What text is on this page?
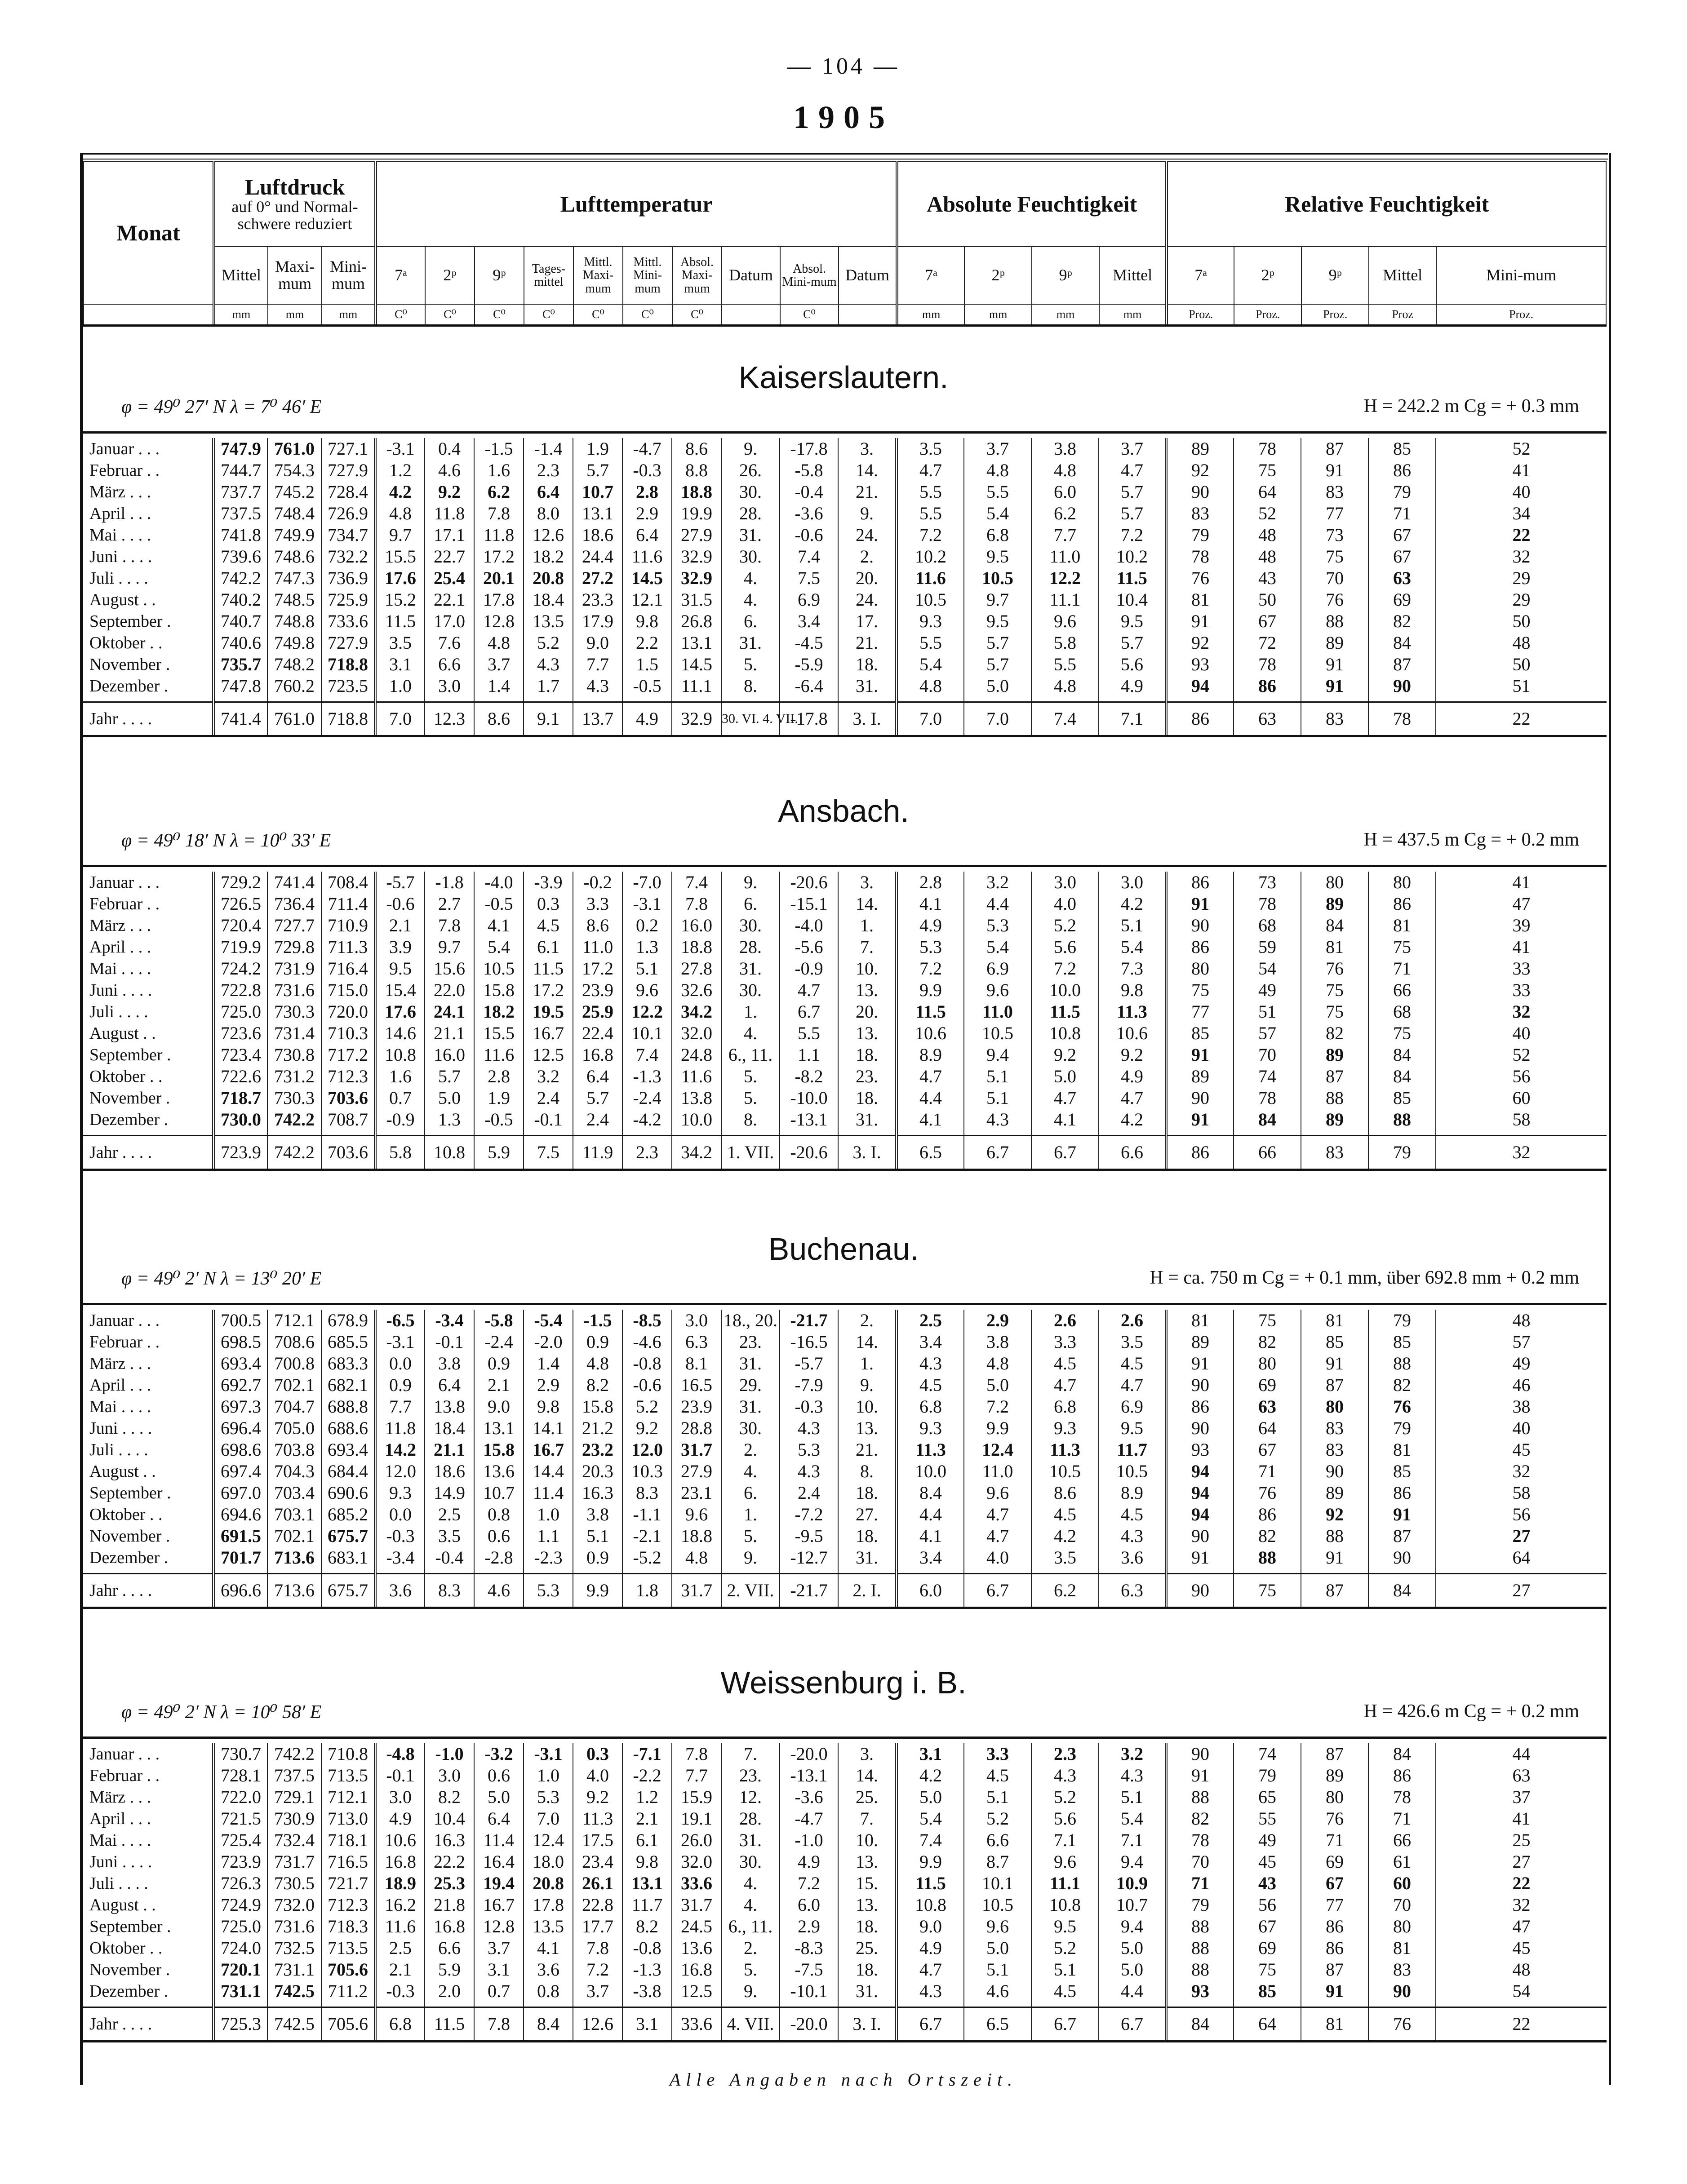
— 104 —
1905
Monat	Luftdruck
auf 0° und Normal-schwere reduziert			Lufttemperatur										Absolute Feuchtigkeit				Relative Feuchtigkeit				
	Mittel	Maxi-mum	Mini-mum	7ᵃ	2ᵖ	9ᵖ	Tages-mittel	Mittl. Maxi-mum	Mittl. Mini-mum	Absol. Maxi-mum	Datum	Absol. Mini-mum	Datum	7ᵃ	2ᵖ	9ᵖ	Mittel	7ᵃ	2ᵖ	9ᵖ	Mittel	Mini-mum
	mm	mm	mm	C⁰	C⁰	C⁰	C⁰	C⁰	C⁰	C⁰		C⁰		mm	mm	mm	mm	Proz.	Proz.	Proz.	Proz	Proz.
Kaiserslautern.
φ = 49⁰ 27′ N λ = 7⁰ 46′ E	H = 242.2 m Cg = + 0.3 mm
Januar . . .	747.9	761.0	727.1	-3.1	0.4	-1.5	-1.4	1.9	-4.7	8.6	9.	-17.8	3.	3.5	3.7	3.8	3.7	89	78	87	85	52
Februar . .	744.7	754.3	727.9	1.2	4.6	1.6	2.3	5.7	-0.3	8.8	26.	-5.8	14.	4.7	4.8	4.8	4.7	92	75	91	86	41
März . . .	737.7	745.2	728.4	4.2	9.2	6.2	6.4	10.7	2.8	18.8	30.	-0.4	21.	5.5	5.5	6.0	5.7	90	64	83	79	40
April . . .	737.5	748.4	726.9	4.8	11.8	7.8	8.0	13.1	2.9	19.9	28.	-3.6	9.	5.5	5.4	6.2	5.7	83	52	77	71	34
Mai . . . .	741.8	749.9	734.7	9.7	17.1	11.8	12.6	18.6	6.4	27.9	31.	-0.6	24.	7.2	6.8	7.7	7.2	79	48	73	67	22
Juni . . . .	739.6	748.6	732.2	15.5	22.7	17.2	18.2	24.4	11.6	32.9	30.	7.4	2.	10.2	9.5	11.0	10.2	78	48	75	67	32
Juli . . . .	742.2	747.3	736.9	17.6	25.4	20.1	20.8	27.2	14.5	32.9	4.	7.5	20.	11.6	10.5	12.2	11.5	76	43	70	63	29
August . .	740.2	748.5	725.9	15.2	22.1	17.8	18.4	23.3	12.1	31.5	4.	6.9	24.	10.5	9.7	11.1	10.4	81	50	76	69	29
September .	740.7	748.8	733.6	11.5	17.0	12.8	13.5	17.9	9.8	26.8	6.	3.4	17.	9.3	9.5	9.6	9.5	91	67	88	82	50
Oktober . .	740.6	749.8	727.9	3.5	7.6	4.8	5.2	9.0	2.2	13.1	31.	-4.5	21.	5.5	5.7	5.8	5.7	92	72	89	84	48
November .	735.7	748.2	718.8	3.1	6.6	3.7	4.3	7.7	1.5	14.5	5.	-5.9	18.	5.4	5.7	5.5	5.6	93	78	91	87	50
Dezember .	747.8	760.2	723.5	1.0	3.0	1.4	1.7	4.3	-0.5	11.1	8.	-6.4	31.	4.8	5.0	4.8	4.9	94	86	91	90	51
Jahr . . . .	741.4	761.0	718.8	7.0	12.3	8.6	9.1	13.7	4.9	32.9	30. VI. 4. VII.	-17.8	3. I.	7.0	7.0	7.4	7.1	86	63	83	78	22
Ansbach.
φ = 49⁰ 18′ N λ = 10⁰ 33′ E	H = 437.5 m Cg = + 0.2 mm
Januar . . .	729.2	741.4	708.4	-5.7	-1.8	-4.0	-3.9	-0.2	-7.0	7.4	9.	-20.6	3.	2.8	3.2	3.0	3.0	86	73	80	80	41
Februar . .	726.5	736.4	711.4	-0.6	2.7	-0.5	0.3	3.3	-3.1	7.8	6.	-15.1	14.	4.1	4.4	4.0	4.2	91	78	89	86	47
März . . .	720.4	727.7	710.9	2.1	7.8	4.1	4.5	8.6	0.2	16.0	30.	-4.0	1.	4.9	5.3	5.2	5.1	90	68	84	81	39
April . . .	719.9	729.8	711.3	3.9	9.7	5.4	6.1	11.0	1.3	18.8	28.	-5.6	7.	5.3	5.4	5.6	5.4	86	59	81	75	41
Mai . . . .	724.2	731.9	716.4	9.5	15.6	10.5	11.5	17.2	5.1	27.8	31.	-0.9	10.	7.2	6.9	7.2	7.3	80	54	76	71	33
Juni . . . .	722.8	731.6	715.0	15.4	22.0	15.8	17.2	23.9	9.6	32.6	30.	4.7	13.	9.9	9.6	10.0	9.8	75	49	75	66	33
Juli . . . .	725.0	730.3	720.0	17.6	24.1	18.2	19.5	25.9	12.2	34.2	1.	6.7	20.	11.5	11.0	11.5	11.3	77	51	75	68	32
August . .	723.6	731.4	710.3	14.6	21.1	15.5	16.7	22.4	10.1	32.0	4.	5.5	13.	10.6	10.5	10.8	10.6	85	57	82	75	40
September .	723.4	730.8	717.2	10.8	16.0	11.6	12.5	16.8	7.4	24.8	6., 11.	1.1	18.	8.9	9.4	9.2	9.2	91	70	89	84	52
Oktober . .	722.6	731.2	712.3	1.6	5.7	2.8	3.2	6.4	-1.3	11.6	5.	-8.2	23.	4.7	5.1	5.0	4.9	89	74	87	84	56
November .	718.7	730.3	703.6	0.7	5.0	1.9	2.4	5.7	-2.4	13.8	5.	-10.0	18.	4.4	5.1	4.7	4.7	90	78	88	85	60
Dezember .	730.0	742.2	708.7	-0.9	1.3	-0.5	-0.1	2.4	-4.2	10.0	8.	-13.1	31.	4.1	4.3	4.1	4.2	91	84	89	88	58
Jahr . . . .	723.9	742.2	703.6	5.8	10.8	5.9	7.5	11.9	2.3	34.2	1. VII.	-20.6	3. I.	6.5	6.7	6.7	6.6	86	66	83	79	32
Buchenau.
φ = 49⁰ 2′ N λ = 13⁰ 20′ E	H = ca. 750 m Cg = + 0.1 mm, über 692.8 mm + 0.2 mm
Januar . . .	700.5	712.1	678.9	-6.5	-3.4	-5.8	-5.4	-1.5	-8.5	3.0	18., 20.	-21.7	2.	2.5	2.9	2.6	2.6	81	75	81	79	48
Februar . .	698.5	708.6	685.5	-3.1	-0.1	-2.4	-2.0	0.9	-4.6	6.3	23.	-16.5	14.	3.4	3.8	3.3	3.5	89	82	85	85	57
März . . .	693.4	700.8	683.3	0.0	3.8	0.9	1.4	4.8	-0.8	8.1	31.	-5.7	1.	4.3	4.8	4.5	4.5	91	80	91	88	49
April . . .	692.7	702.1	682.1	0.9	6.4	2.1	2.9	8.2	-0.6	16.5	29.	-7.9	9.	4.5	5.0	4.7	4.7	90	69	87	82	46
Mai . . . .	697.3	704.7	688.8	7.7	13.8	9.0	9.8	15.8	5.2	23.9	31.	-0.3	10.	6.8	7.2	6.8	6.9	86	63	80	76	38
Juni . . . .	696.4	705.0	688.6	11.8	18.4	13.1	14.1	21.2	9.2	28.8	30.	4.3	13.	9.3	9.9	9.3	9.5	90	64	83	79	40
Juli . . . .	698.6	703.8	693.4	14.2	21.1	15.8	16.7	23.2	12.0	31.7	2.	5.3	21.	11.3	12.4	11.3	11.7	93	67	83	81	45
August . .	697.4	704.3	684.4	12.0	18.6	13.6	14.4	20.3	10.3	27.9	4.	4.3	8.	10.0	11.0	10.5	10.5	94	71	90	85	32
September .	697.0	703.4	690.6	9.3	14.9	10.7	11.4	16.3	8.3	23.1	6.	2.4	18.	8.4	9.6	8.6	8.9	94	76	89	86	58
Oktober . .	694.6	703.1	685.2	0.0	2.5	0.8	1.0	3.8	-1.1	9.6	1.	-7.2	27.	4.4	4.7	4.5	4.5	94	86	92	91	56
November .	691.5	702.1	675.7	-0.3	3.5	0.6	1.1	5.1	-2.1	18.8	5.	-9.5	18.	4.1	4.7	4.2	4.3	90	82	88	87	27
Dezember .	701.7	713.6	683.1	-3.4	-0.4	-2.8	-2.3	0.9	-5.2	4.8	9.	-12.7	31.	3.4	4.0	3.5	3.6	91	88	91	90	64
Jahr . . . .	696.6	713.6	675.7	3.6	8.3	4.6	5.3	9.9	1.8	31.7	2. VII.	-21.7	2. I.	6.0	6.7	6.2	6.3	90	75	87	84	27
Weissenburg i. B.
φ = 49⁰ 2′ N λ = 10⁰ 58′ E	H = 426.6 m Cg = + 0.2 mm
Januar . . .	730.7	742.2	710.8	-4.8	-1.0	-3.2	-3.1	0.3	-7.1	7.8	7.	-20.0	3.	3.1	3.3	2.3	3.2	90	74	87	84	44
Februar . .	728.1	737.5	713.5	-0.1	3.0	0.6	1.0	4.0	-2.2	7.7	23.	-13.1	14.	4.2	4.5	4.3	4.3	91	79	89	86	63
März . . .	722.0	729.1	712.1	3.0	8.2	5.0	5.3	9.2	1.2	15.9	12.	-3.6	25.	5.0	5.1	5.2	5.1	88	65	80	78	37
April . . .	721.5	730.9	713.0	4.9	10.4	6.4	7.0	11.3	2.1	19.1	28.	-4.7	7.	5.4	5.2	5.6	5.4	82	55	76	71	41
Mai . . . .	725.4	732.4	718.1	10.6	16.3	11.4	12.4	17.5	6.1	26.0	31.	-1.0	10.	7.4	6.6	7.1	7.1	78	49	71	66	25
Juni . . . .	723.9	731.7	716.5	16.8	22.2	16.4	18.0	23.4	9.8	32.0	30.	4.9	13.	9.9	8.7	9.6	9.4	70	45	69	61	27
Juli . . . .	726.3	730.5	721.7	18.9	25.3	19.4	20.8	26.1	13.1	33.6	4.	7.2	15.	11.5	10.1	11.1	10.9	71	43	67	60	22
August . .	724.9	732.0	712.3	16.2	21.8	16.7	17.8	22.8	11.7	31.7	4.	6.0	13.	10.8	10.5	10.8	10.7	79	56	77	70	32
September .	725.0	731.6	718.3	11.6	16.8	12.8	13.5	17.7	8.2	24.5	6., 11.	2.9	18.	9.0	9.6	9.5	9.4	88	67	86	80	47
Oktober . .	724.0	732.5	713.5	2.5	6.6	3.7	4.1	7.8	-0.8	13.6	2.	-8.3	25.	4.9	5.0	5.2	5.0	88	69	86	81	45
November .	720.1	731.1	705.6	2.1	5.9	3.1	3.6	7.2	-1.3	16.8	5.	-7.5	18.	4.7	5.1	5.1	5.0	88	75	87	83	48
Dezember .	731.1	742.5	711.2	-0.3	2.0	0.7	0.8	3.7	-3.8	12.5	9.	-10.1	31.	4.3	4.6	4.5	4.4	93	85	91	90	54
Jahr . . . .	725.3	742.5	705.6	6.8	11.5	7.8	8.4	12.6	3.1	33.6	4. VII.	-20.0	3. I.	6.7	6.5	6.7	6.7	84	64	81	76	22
Alle Angaben nach Ortszeit.
